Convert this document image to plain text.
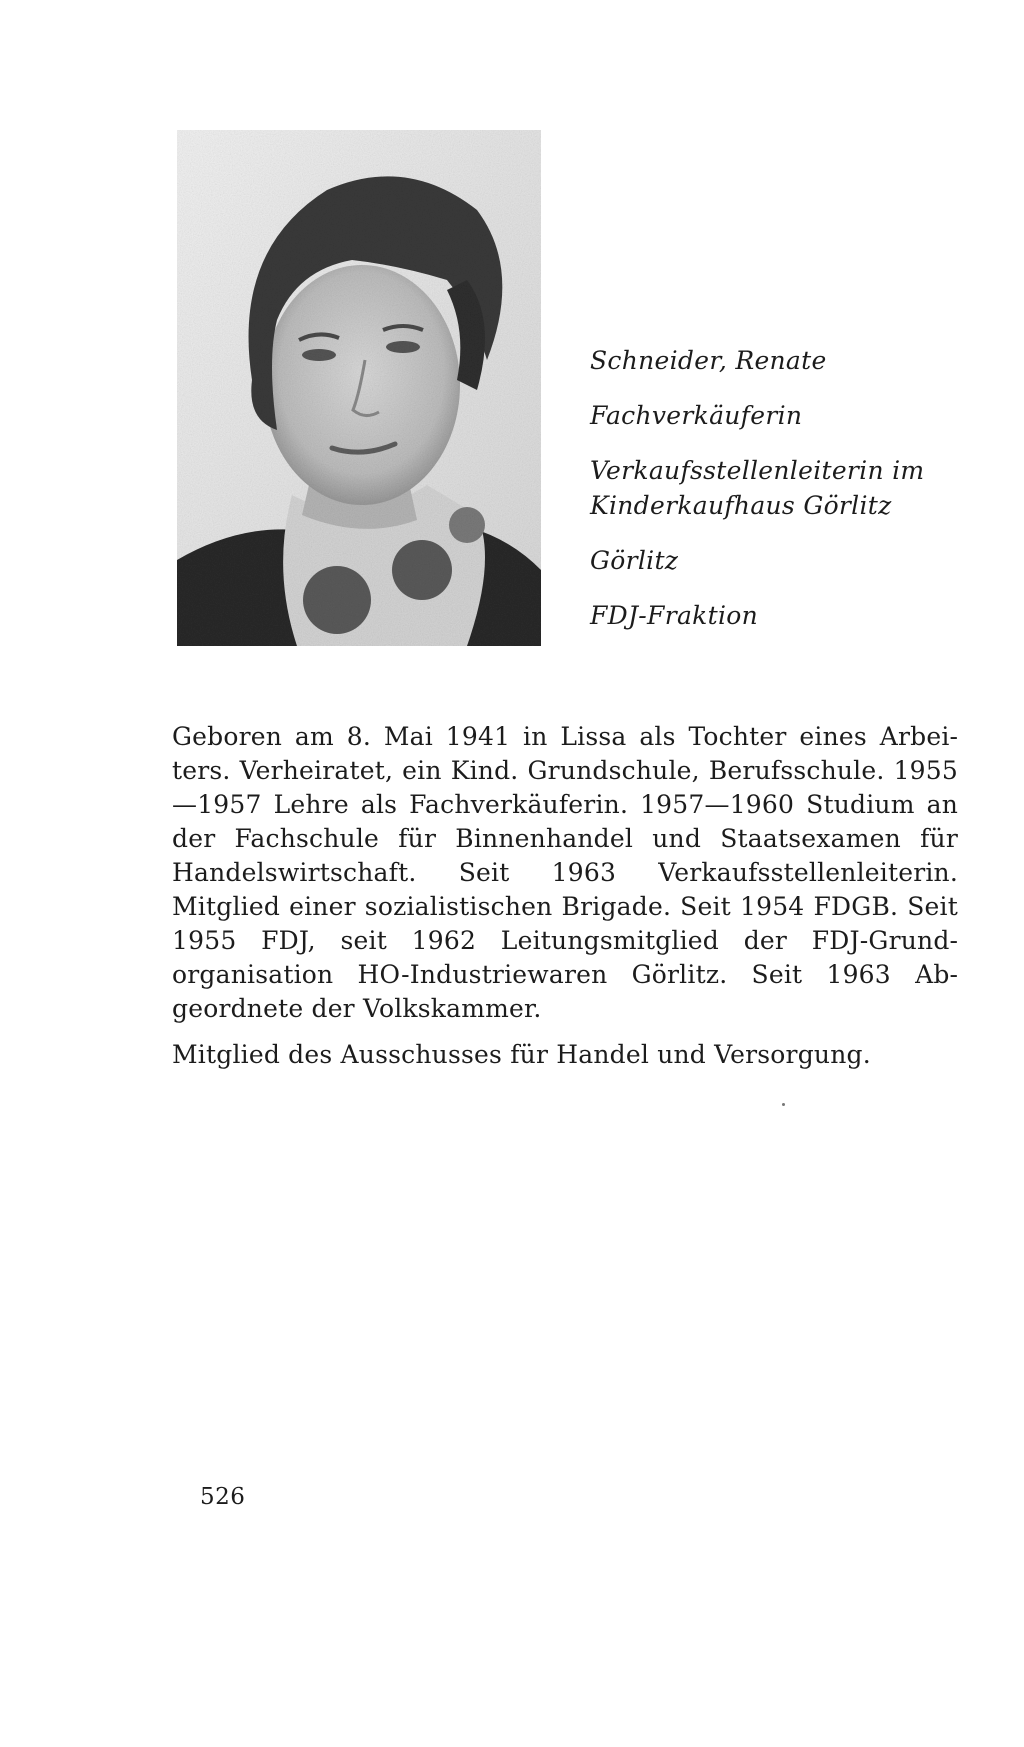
Schneider, Renate
Fachverkäuferin
Verkaufsstellenleiterin im
Kinderkaufhaus Görlitz
Görlitz
FDJ-Fraktion

Geboren am 8. Mai 1941 in Lissa als Tochter eines Arbeiters. Verheiratet, ein Kind. Grundschule, Berufsschule. 1955—1957 Lehre als Fachverkäuferin. 1957—1960 Studium an der Fachschule für Binnenhandel und Staatsexamen für Handelswirtschaft. Seit 1963 Verkaufsstellenleiterin. Mitglied einer sozialistischen Brigade. Seit 1954 FDGB. Seit 1955 FDJ, seit 1962 Leitungsmitglied der FDJ-Grundorganisation HO-Industriewaren Görlitz. Seit 1963 Abgeordnete der Volkskammer.

Mitglied des Ausschusses für Handel und Versorgung.

526
